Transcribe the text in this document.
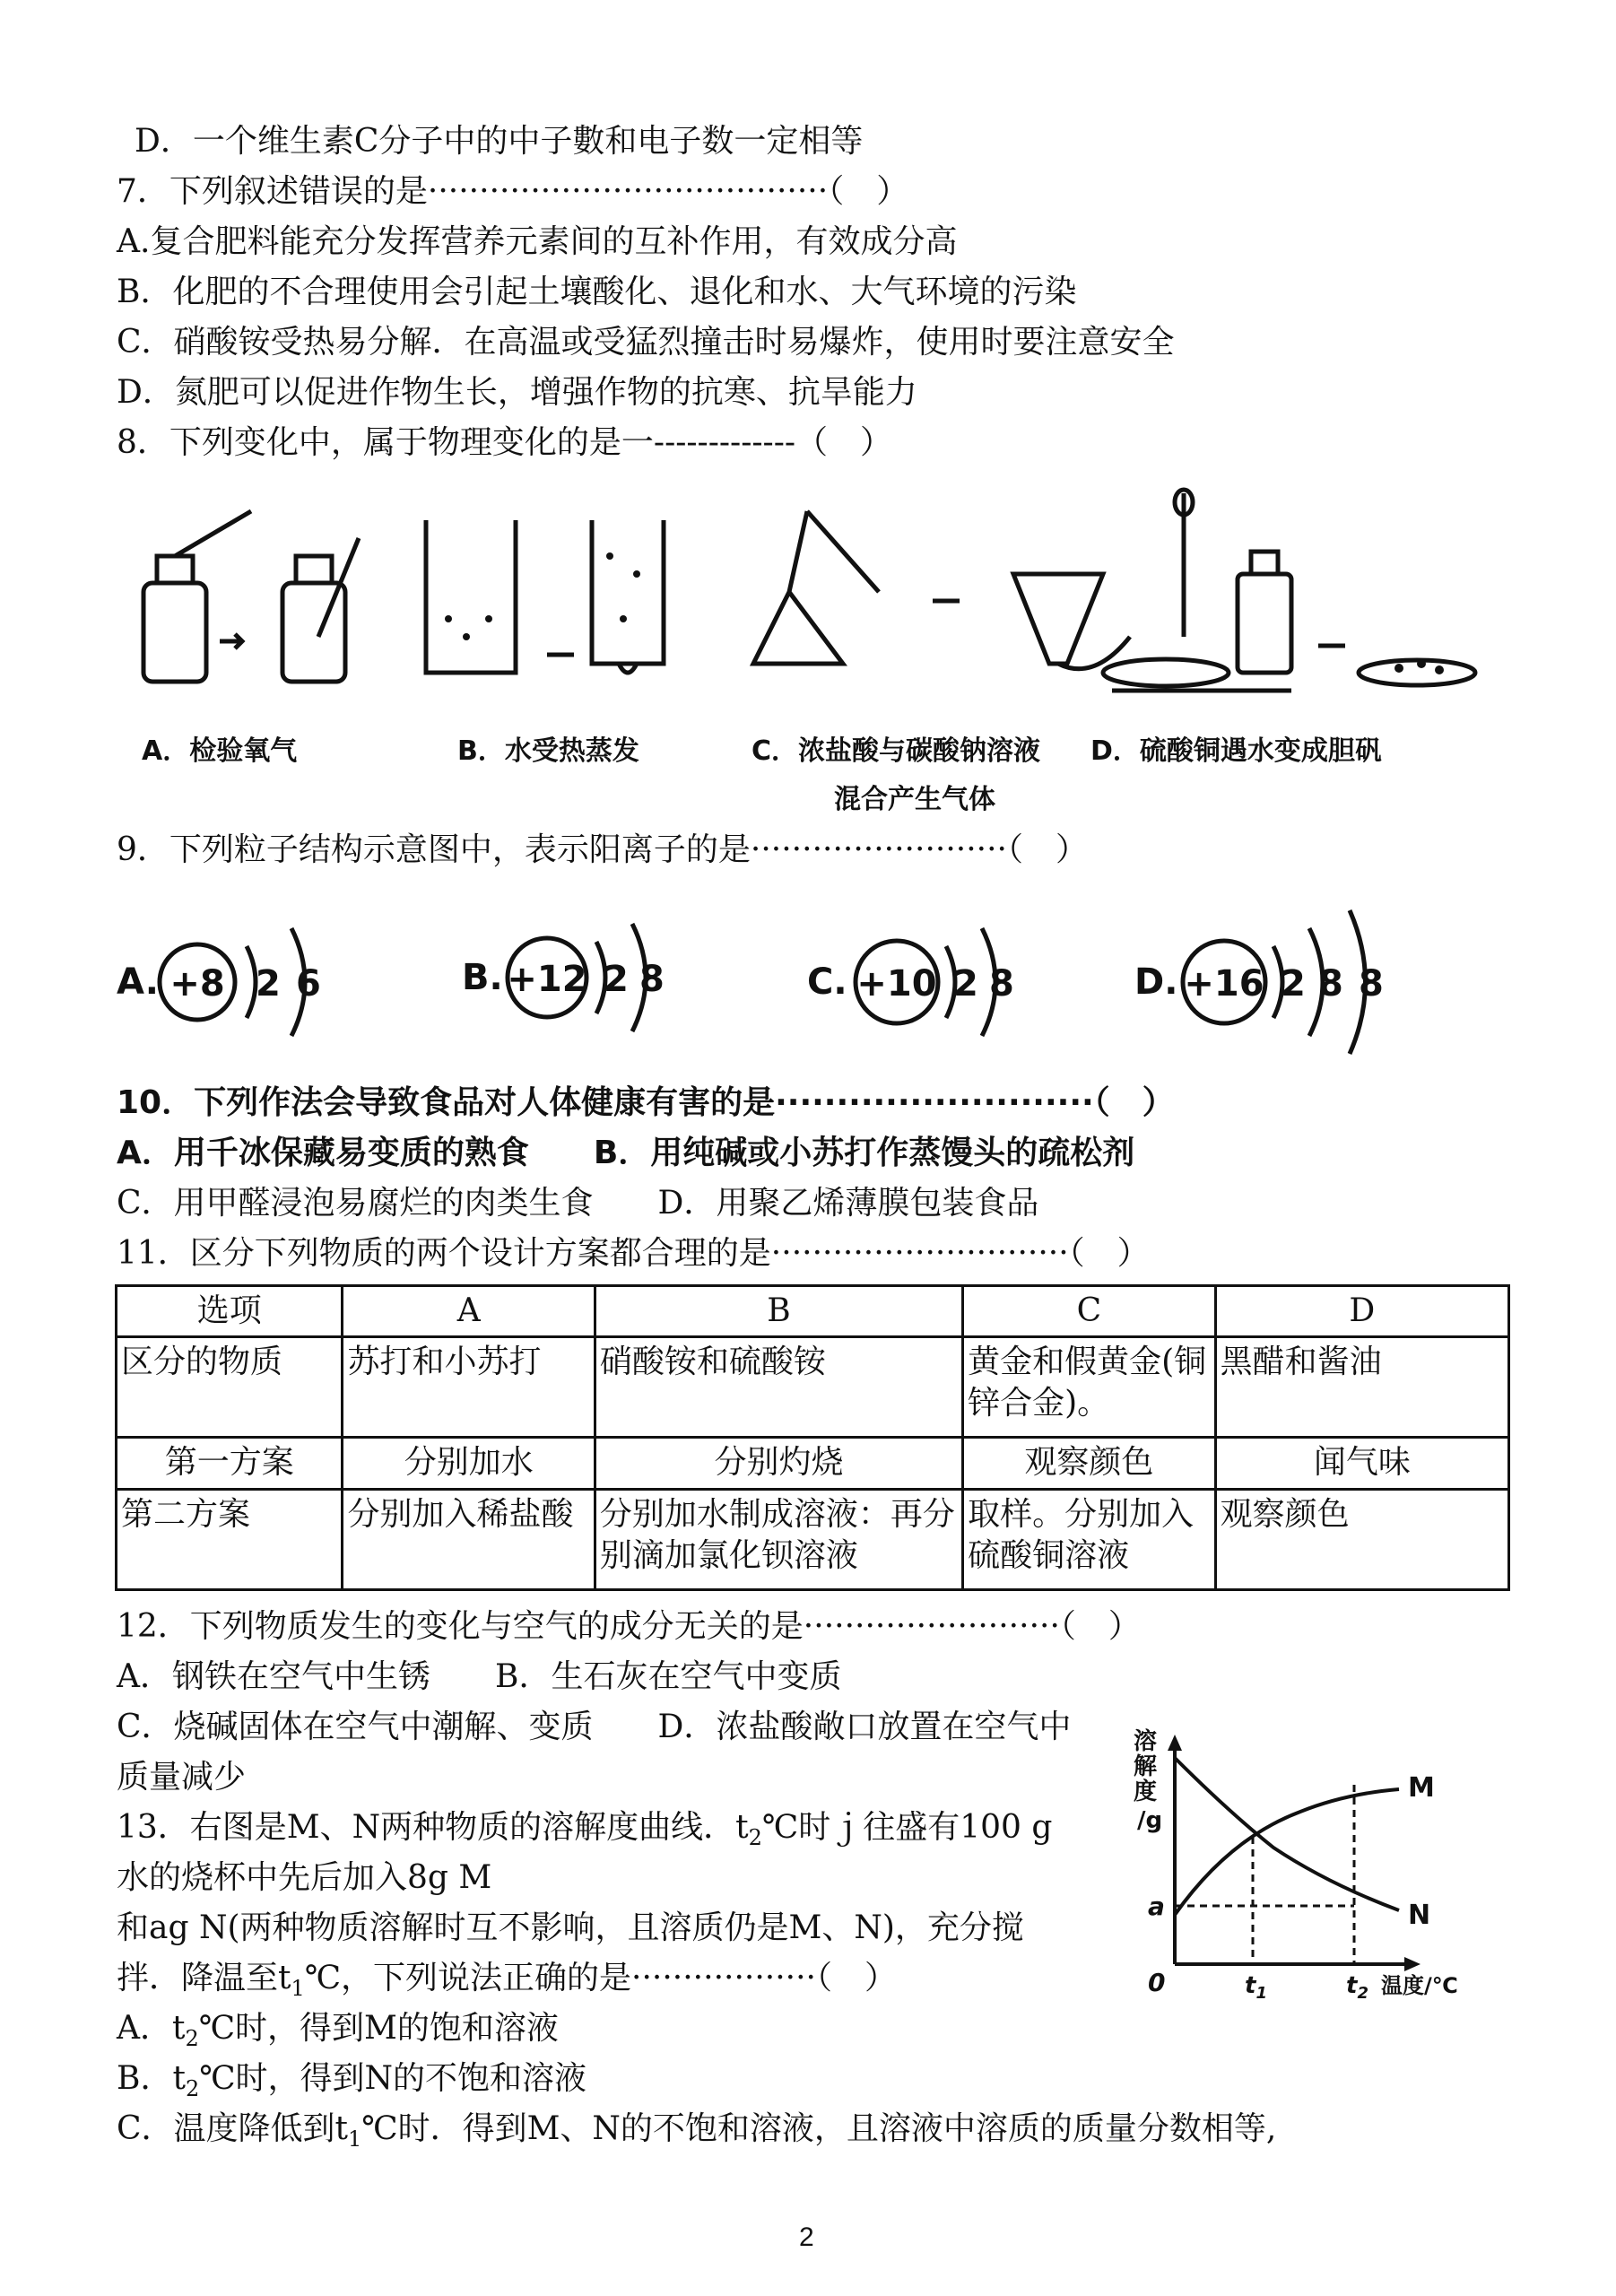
D．一个维生素C分子中的中子數和电子数一定相等
7．下列叙述错误的是·······································（　）
A.复合肥料能充分发挥营养元素间的互补作用，有效成分高
B．化肥的不合理使用会引起土壤酸化、退化和水、大气环境的污染
C．硝酸铵受热易分解．在高温或受猛烈撞击时易爆炸，使用时要注意安全
D．氮肥可以促进作物生长，增强作物的抗寒、抗旱能力
8．下列变化中，属于物理变化的是一-------------（　）
A．检验氧气	B．水受热蒸发	C．浓盐酸与碳酸钠溶液
混合产生气体
D．硫酸铜遇水变成胆矾
9．下列粒子结构示意图中，表示阳离子的是·························（　）
A. +8 2 6	B. +12 2 8	C. +10 2 8	D. +16 2 8 8
10．下列作法会导致食品对人体健康有害的是··························（　）
A．用千冰保藏易变质的熟食　　B．用纯碱或小苏打作蒸馒头的疏松剂
C．用甲醛浸泡易腐烂的肉类生食　　D．用聚乙烯薄膜包装食品
11．区分下列物质的两个设计方案都合理的是·····························（　）
选项	A	B	C	D
区分的物质	苏打和小苏打	硝酸铵和硫酸铵	黄金和假黄金(铜锌合金)。	黑醋和酱油
第一方案	分别加水	分别灼烧	观察颜色	闻气味
第二方案	分别加入稀盐酸	分别加水制成溶液：再分别滴加氯化钡溶液	取样。分别加入硫酸铜溶液	观察颜色
12．下列物质发生的变化与空气的成分无关的是·························（　）
A．钢铁在空气中生锈　　B．生石灰在空气中变质
C．烧碱固体在空气中潮解、变质　　D．浓盐酸敞口放置在空气中
质量减少
13．右图是M、N两种物质的溶解度曲线．$t_2℃$时ｊ往盛有100 g
水的烧杯中先后加入8g M
和ag N(两种物质溶解时互不影响，且溶质仍是M、N)，充分搅
拌．降温至$t_1℃$，下列说法正确的是··················（　）
A．$t_2℃$时，得到M的饱和溶液
B．$t_2℃$时，得到N的不饱和溶液
C．温度降低到$t_1℃$时．得到M、N的不饱和溶液，且溶液中溶质的质量分数相等,
溶
解
度
/g
M
N
a
0	$t_1$	$t_2$ 温度/℃
2
